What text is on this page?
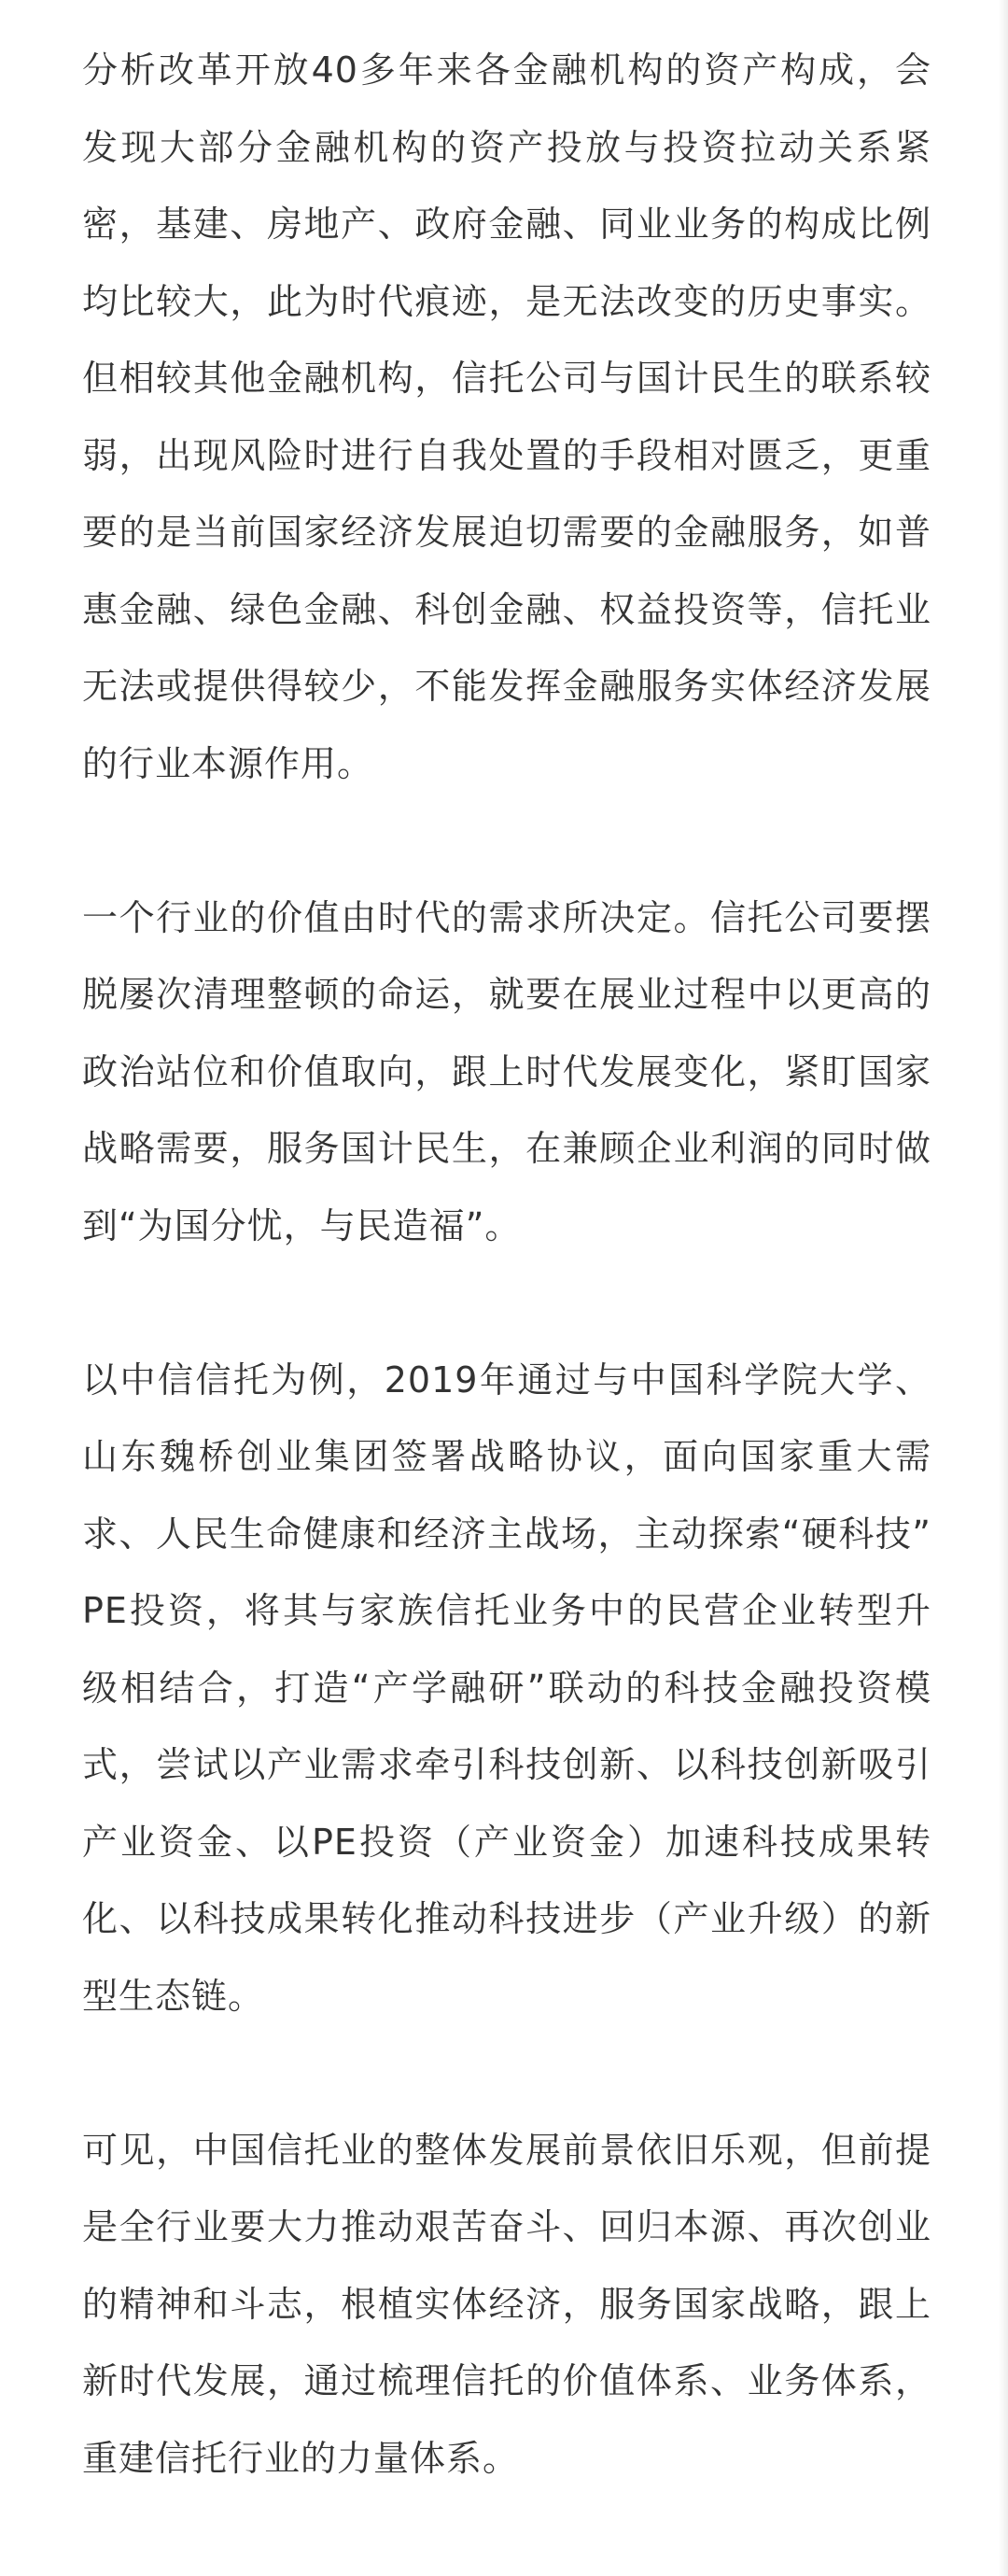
分析改革开放40多年来各金融机构的资产构成，会
发现大部分金融机构的资产投放与投资拉动关系紧
密，基建、房地产、政府金融、同业业务的构成比例
均比较大，此为时代痕迹，是无法改变的历史事实。
但相较其他金融机构，信托公司与国计民生的联系较
弱，出现风险时进行自我处置的手段相对匮乏，更重
要的是当前国家经济发展迫切需要的金融服务，如普
惠金融、绿色金融、科创金融、权益投资等，信托业
无法或提供得较少，不能发挥金融服务实体经济发展
的行业本源作用。

一个行业的价值由时代的需求所决定。信托公司要摆
脱屡次清理整顿的命运，就要在展业过程中以更高的
政治站位和价值取向，跟上时代发展变化，紧盯国家
战略需要，服务国计民生，在兼顾企业利润的同时做
到“为国分忧，与民造福”。

以中信信托为例，2019年通过与中国科学院大学、
山东魏桥创业集团签署战略协议，面向国家重大需
求、人民生命健康和经济主战场，主动探索“硬科技”
PE投资，将其与家族信托业务中的民营企业转型升
级相结合，打造“产学融研”联动的科技金融投资模
式，尝试以产业需求牵引科技创新、以科技创新吸引
产业资金、以PE投资（产业资金）加速科技成果转
化、以科技成果转化推动科技进步（产业升级）的新
型生态链。

可见，中国信托业的整体发展前景依旧乐观，但前提
是全行业要大力推动艰苦奋斗、回归本源、再次创业
的精神和斗志，根植实体经济，服务国家战略，跟上
新时代发展，通过梳理信托的价值体系、业务体系，
重建信托行业的力量体系。
